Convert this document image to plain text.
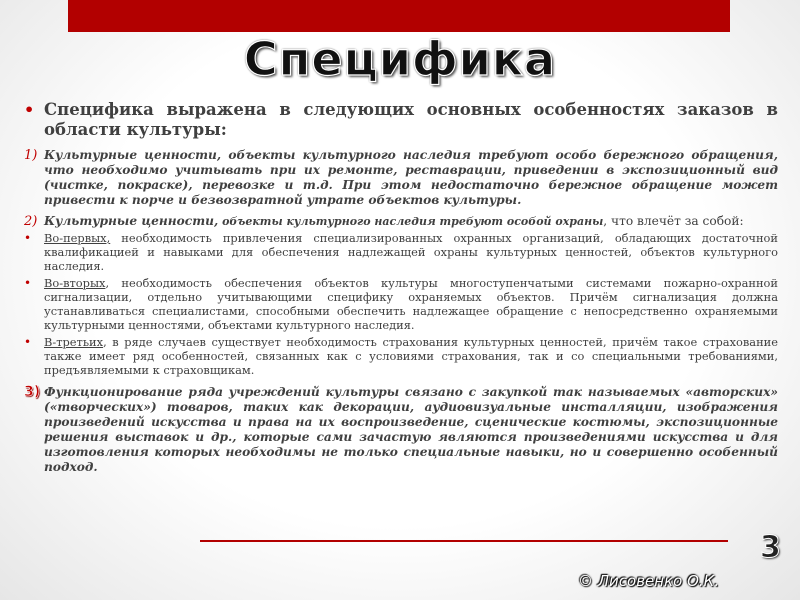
Специфика
• Специфика выражена в следующих основных особенностях заказов в области культуры:
1) Культурные ценности, объекты культурного наследия требуют особо бережного обращения, что необходимо учитывать при их ремонте, реставрации, приведении в экспозиционный вид (чистке, покраске), перевозке и т.д. При этом недостаточно бережное обращение может привести к порче и безвозвратной утрате объектов культуры.
2) Культурные ценности, объекты культурного наследия требуют особой охраны, что влечёт за собой:
•	Во-первых, необходимость привлечения специализированных охранных организаций, обладающих достаточной квалификацией и навыками для обеспечения надлежащей охраны культурных ценностей, объектов культурного наследия.
•	Во-вторых, необходимость обеспечения объектов культуры многоступенчатыми системами пожарно-охранной сигнализации, отдельно учитывающими специфику охраняемых объектов. Причём сигнализация должна устанавливаться специалистами, способными обеспечить надлежащее обращение с непосредственно охраняемыми культурными ценностями, объектами культурного наследия.
•	В-третьих, в ряде случаев существует необходимость страхования культурных ценностей, причём такое страхование также имеет ряд особенностей, связанных как с условиями страхования, так и со специальными требованиями, предъявляемыми к страховщикам.
3) Функционирование ряда учреждений культуры связано с закупкой так называемых «авторских» («творческих») товаров, таких как декорации, аудиовизуальные инсталляции, изображения произведений искусства и права на их воспроизведение, сценические костюмы, экспозиционные решения выставок и др., которые сами зачастую являются произведениями искусства и для изготовления которых необходимы не только специальные навыки, но и совершенно особенный подход.
3
© Лисовенко О.К.
